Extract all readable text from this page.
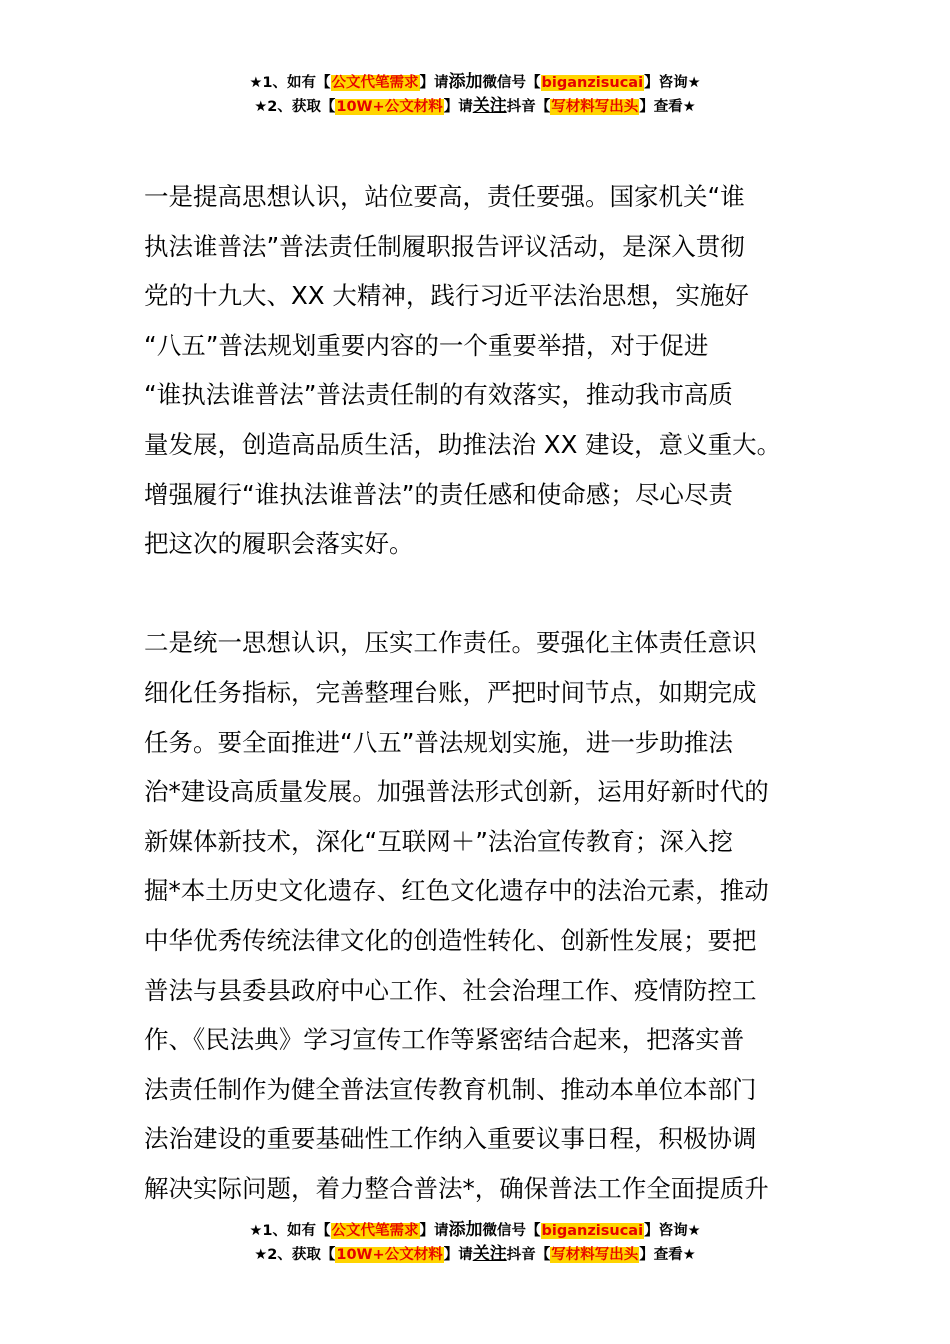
★1、如有【公文代笔需求】请添加微信号【biganzisucai】咨询★
★2、获取【10W+公文材料】请关注抖音【写材料写出头】查看★
一是提高思想认识，站位要高，责任要强。国家机关“谁
执法谁普法”普法责任制履职报告评议活动，是深入贯彻
党的十九大、XX 大精神，践行习近平法治思想，实施好
“八五”普法规划重要内容的一个重要举措，对于促进
“谁执法谁普法”普法责任制的有效落实，推动我市高质
量发展，创造高品质生活，助推法治 XX 建设，意义重大。
增强履行“谁执法谁普法”的责任感和使命感；尽心尽责
把这次的履职会落实好。
二是统一思想认识，压实工作责任。要强化主体责任意识
细化任务指标，完善整理台账，严把时间节点，如期完成
任务。要全面推进“八五”普法规划实施，进一步助推法
治*建设高质量发展。加强普法形式创新，运用好新时代的
新媒体新技术，深化“互联网＋”法治宣传教育；深入挖
掘*本土历史文化遗存、红色文化遗存中的法治元素，推动
中华优秀传统法律文化的创造性转化、创新性发展；要把
普法与县委县政府中心工作、社会治理工作、疫情防控工
作、《民法典》学习宣传工作等紧密结合起来，把落实普
法责任制作为健全普法宣传教育机制、推动本单位本部门
法治建设的重要基础性工作纳入重要议事日程，积极协调
解决实际问题，着力整合普法*，确保普法工作全面提质升
★1、如有【公文代笔需求】请添加微信号【biganzisucai】咨询★
★2、获取【10W+公文材料】请关注抖音【写材料写出头】查看★
